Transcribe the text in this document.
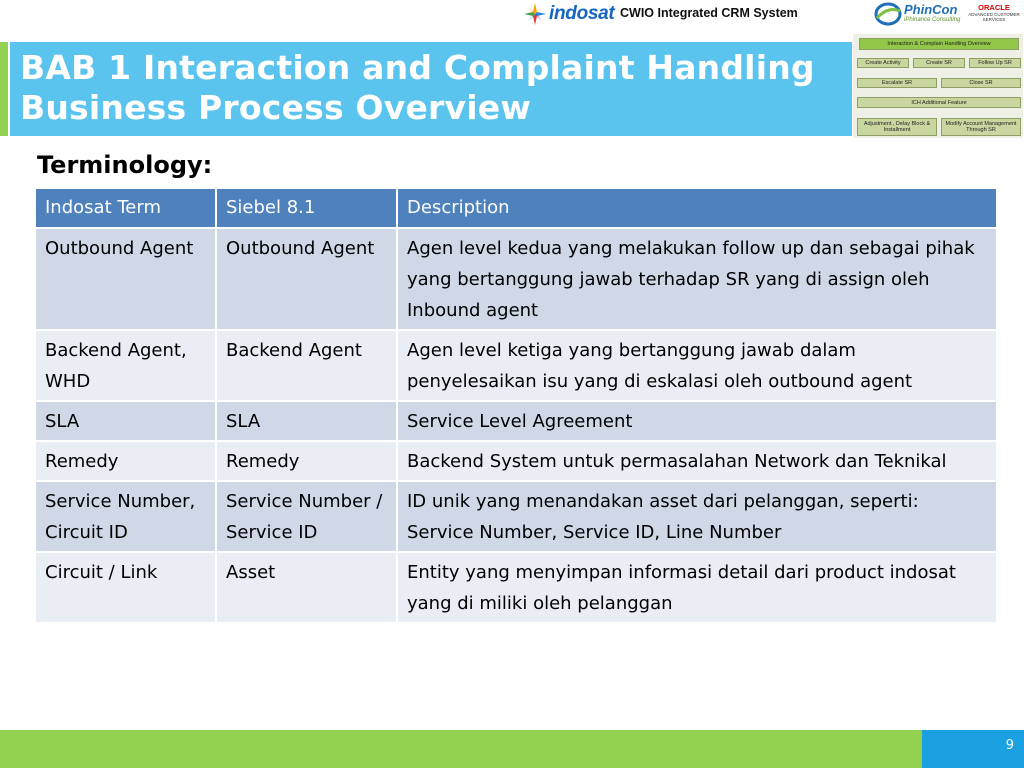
indosat CWIO Integrated CRM System	PhinCon
iPhinance Consulting
ORACLE
ADVANCED CUSTOMER SERVICES
BAB 1 Interaction and Complaint Handling
Business Process Overview
Interaction & Complain Handling Overview
Create Activity	Create SR	Follow Up SR
Escalate SR	Close SR
ICH Additional Feature
Adjustment , Delay Block & Installment
Modify Account Management Through SR
Terminology:
Indosat Term	Siebel 8.1	Description
Outbound Agent	Outbound Agent	Agen level kedua yang melakukan follow up dan sebagai pihak yang bertanggung jawab terhadap SR yang di assign oleh Inbound agent
Backend Agent, WHD	Backend Agent	Agen level ketiga yang bertanggung jawab dalam penyelesaikan isu yang di eskalasi oleh outbound agent
SLA	SLA	Service Level Agreement
Remedy	Remedy	Backend System untuk permasalahan Network dan Teknikal
Service Number, Circuit ID	Service Number / Service ID	ID unik yang menandakan asset dari pelanggan, seperti: Service Number, Service ID, Line Number
Circuit / Link	Asset	Entity yang menyimpan informasi detail dari product indosat yang di miliki oleh pelanggan
9
